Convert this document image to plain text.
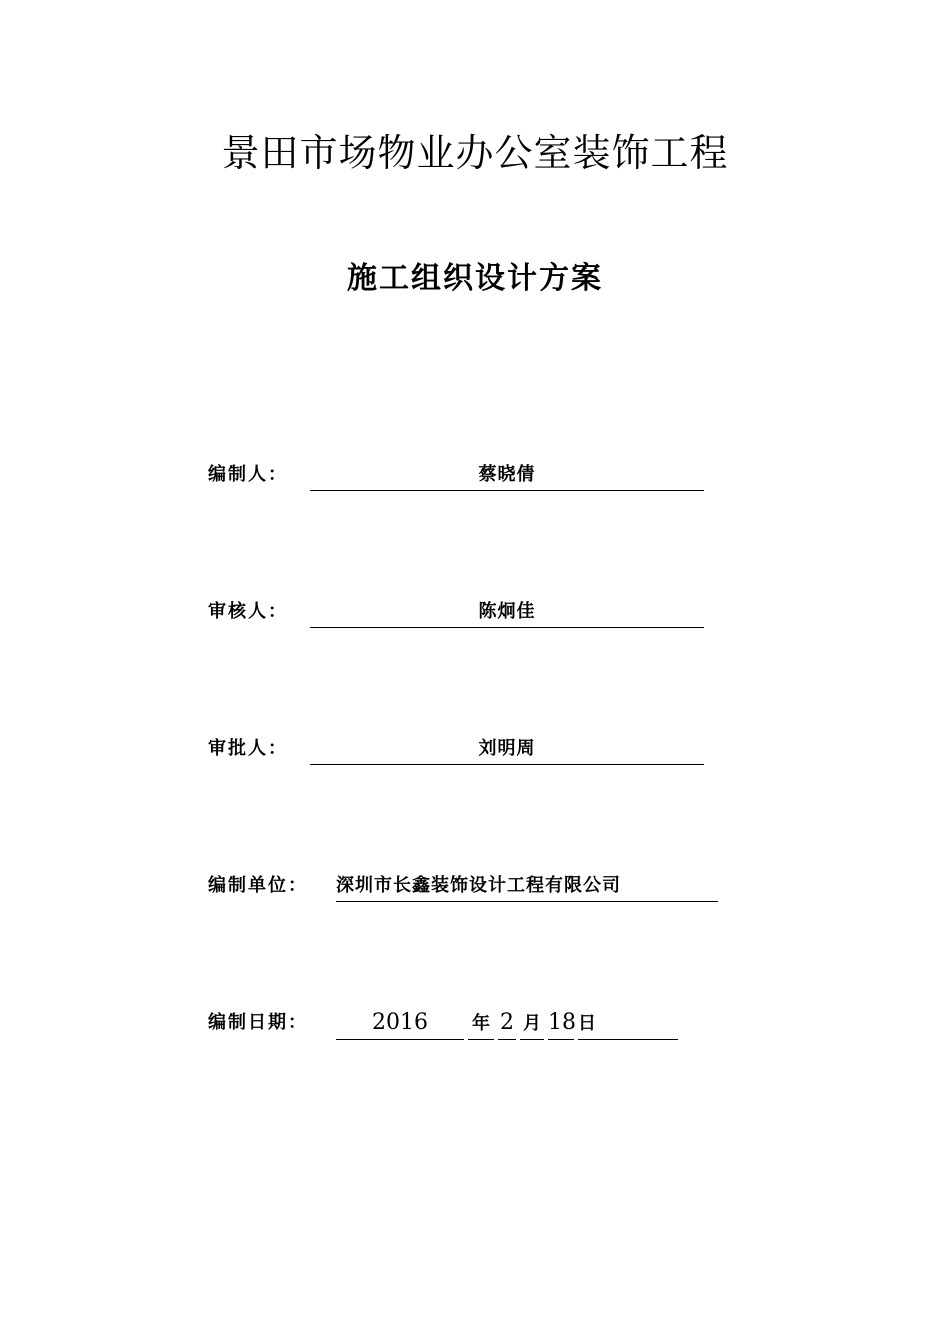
景田市场物业办公室装饰工程
施工组织设计方案
编制人：	蔡晓倩
审核人：	陈炯佳
审批人：	刘明周
编制单位： 深圳市长鑫装饰设计工程有限公司
编制日期：	2016	年 2 月 18 日
